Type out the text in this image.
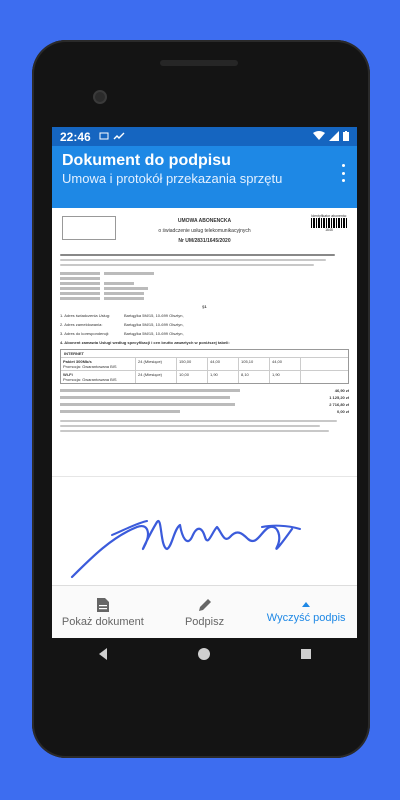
22:46
Dokument do podpisu
Umowa i protokół przekazania sprzętu
Identyfikator abonenta:
1645
UMOWA ABONENCKA
o świadczenie usług telekomunikacyjnych
Nr UM/2831/1645/2020
§1
1. Adres świadczenia Usług:	Bartąg/ka 5M/15, 10-699 Olsztyn,
2. Adres zameldowania:	Bartąg/ka 5M/15, 10-699 Olsztyn,
3. Adres do korespondencji:	Bartąg/ka 5M/15, 10-699 Olsztyn,
4. Abonent zamawia Usługi według specyfikacji i cen brutto zawartych w poniższej tabeli:
INTERNET
Pakiet 300Mb/s
Promocja: Gwarantowana BIS
24 (Miesiące)	150,00	44,00	105,10	44,00
Wi-Fi
Promocja: Gwarantowana BIS
24 (Miesiące)	10,00	1,90	8,10	1,90
46,90 zł
1 125,20 zł
2 716,80 zł
0,00 zł
Pokaż dokument	Podpisz	Wyczyść podpis
